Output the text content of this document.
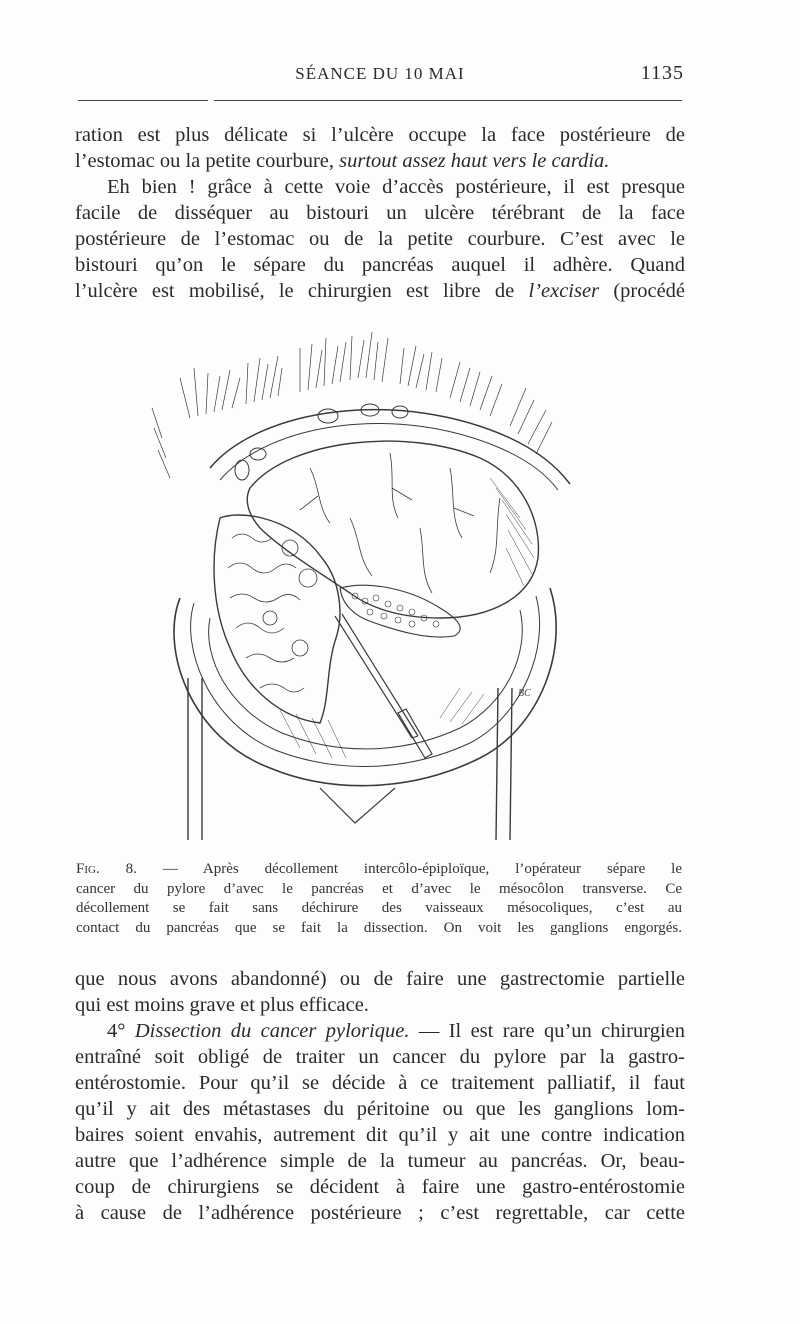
SÉANCE DU 10 MAI	1135
ration est plus délicate si l’ulcère occupe la face postérieure de
l’estomac ou la petite courbure, surtout assez haut vers le cardia.
Eh bien ! grâce à cette voie d’accès postérieure, il est presque
facile de disséquer au bistouri un ulcère térébrant de la face
postérieure de l’estomac ou de la petite courbure. C’est avec le
bistouri qu’on le sépare du pancréas auquel il adhère. Quand
l’ulcère est mobilisé, le chirurgien est libre de l’exciser (procédé
BC
Fig. 8. — Après décollement intercôlo-épiploïque, l’opérateur sépare le
cancer du pylore d’avec le pancréas et d’avec le mésocôlon transverse. Ce
décollement se fait sans déchirure des vaisseaux mésocoliques, c’est au
contact du pancréas que se fait la dissection. On voit les ganglions engorgés.
que nous avons abandonné) ou de faire une gastrectomie partielle
qui est moins grave et plus efficace.
4° Dissection du cancer pylorique. — Il est rare qu’un chirurgien
entraîné soit obligé de traiter un cancer du pylore par la gastro-
entérostomie. Pour qu’il se décide à ce traitement palliatif, il faut
qu’il y ait des métastases du péritoine ou que les ganglions lom-
baires soient envahis, autrement dit qu’il y ait une contre indication
autre que l’adhérence simple de la tumeur au pancréas. Or, beau-
coup de chirurgiens se décident à faire une gastro-entérostomie
à cause de l’adhérence postérieure ; c’est regrettable, car cette
